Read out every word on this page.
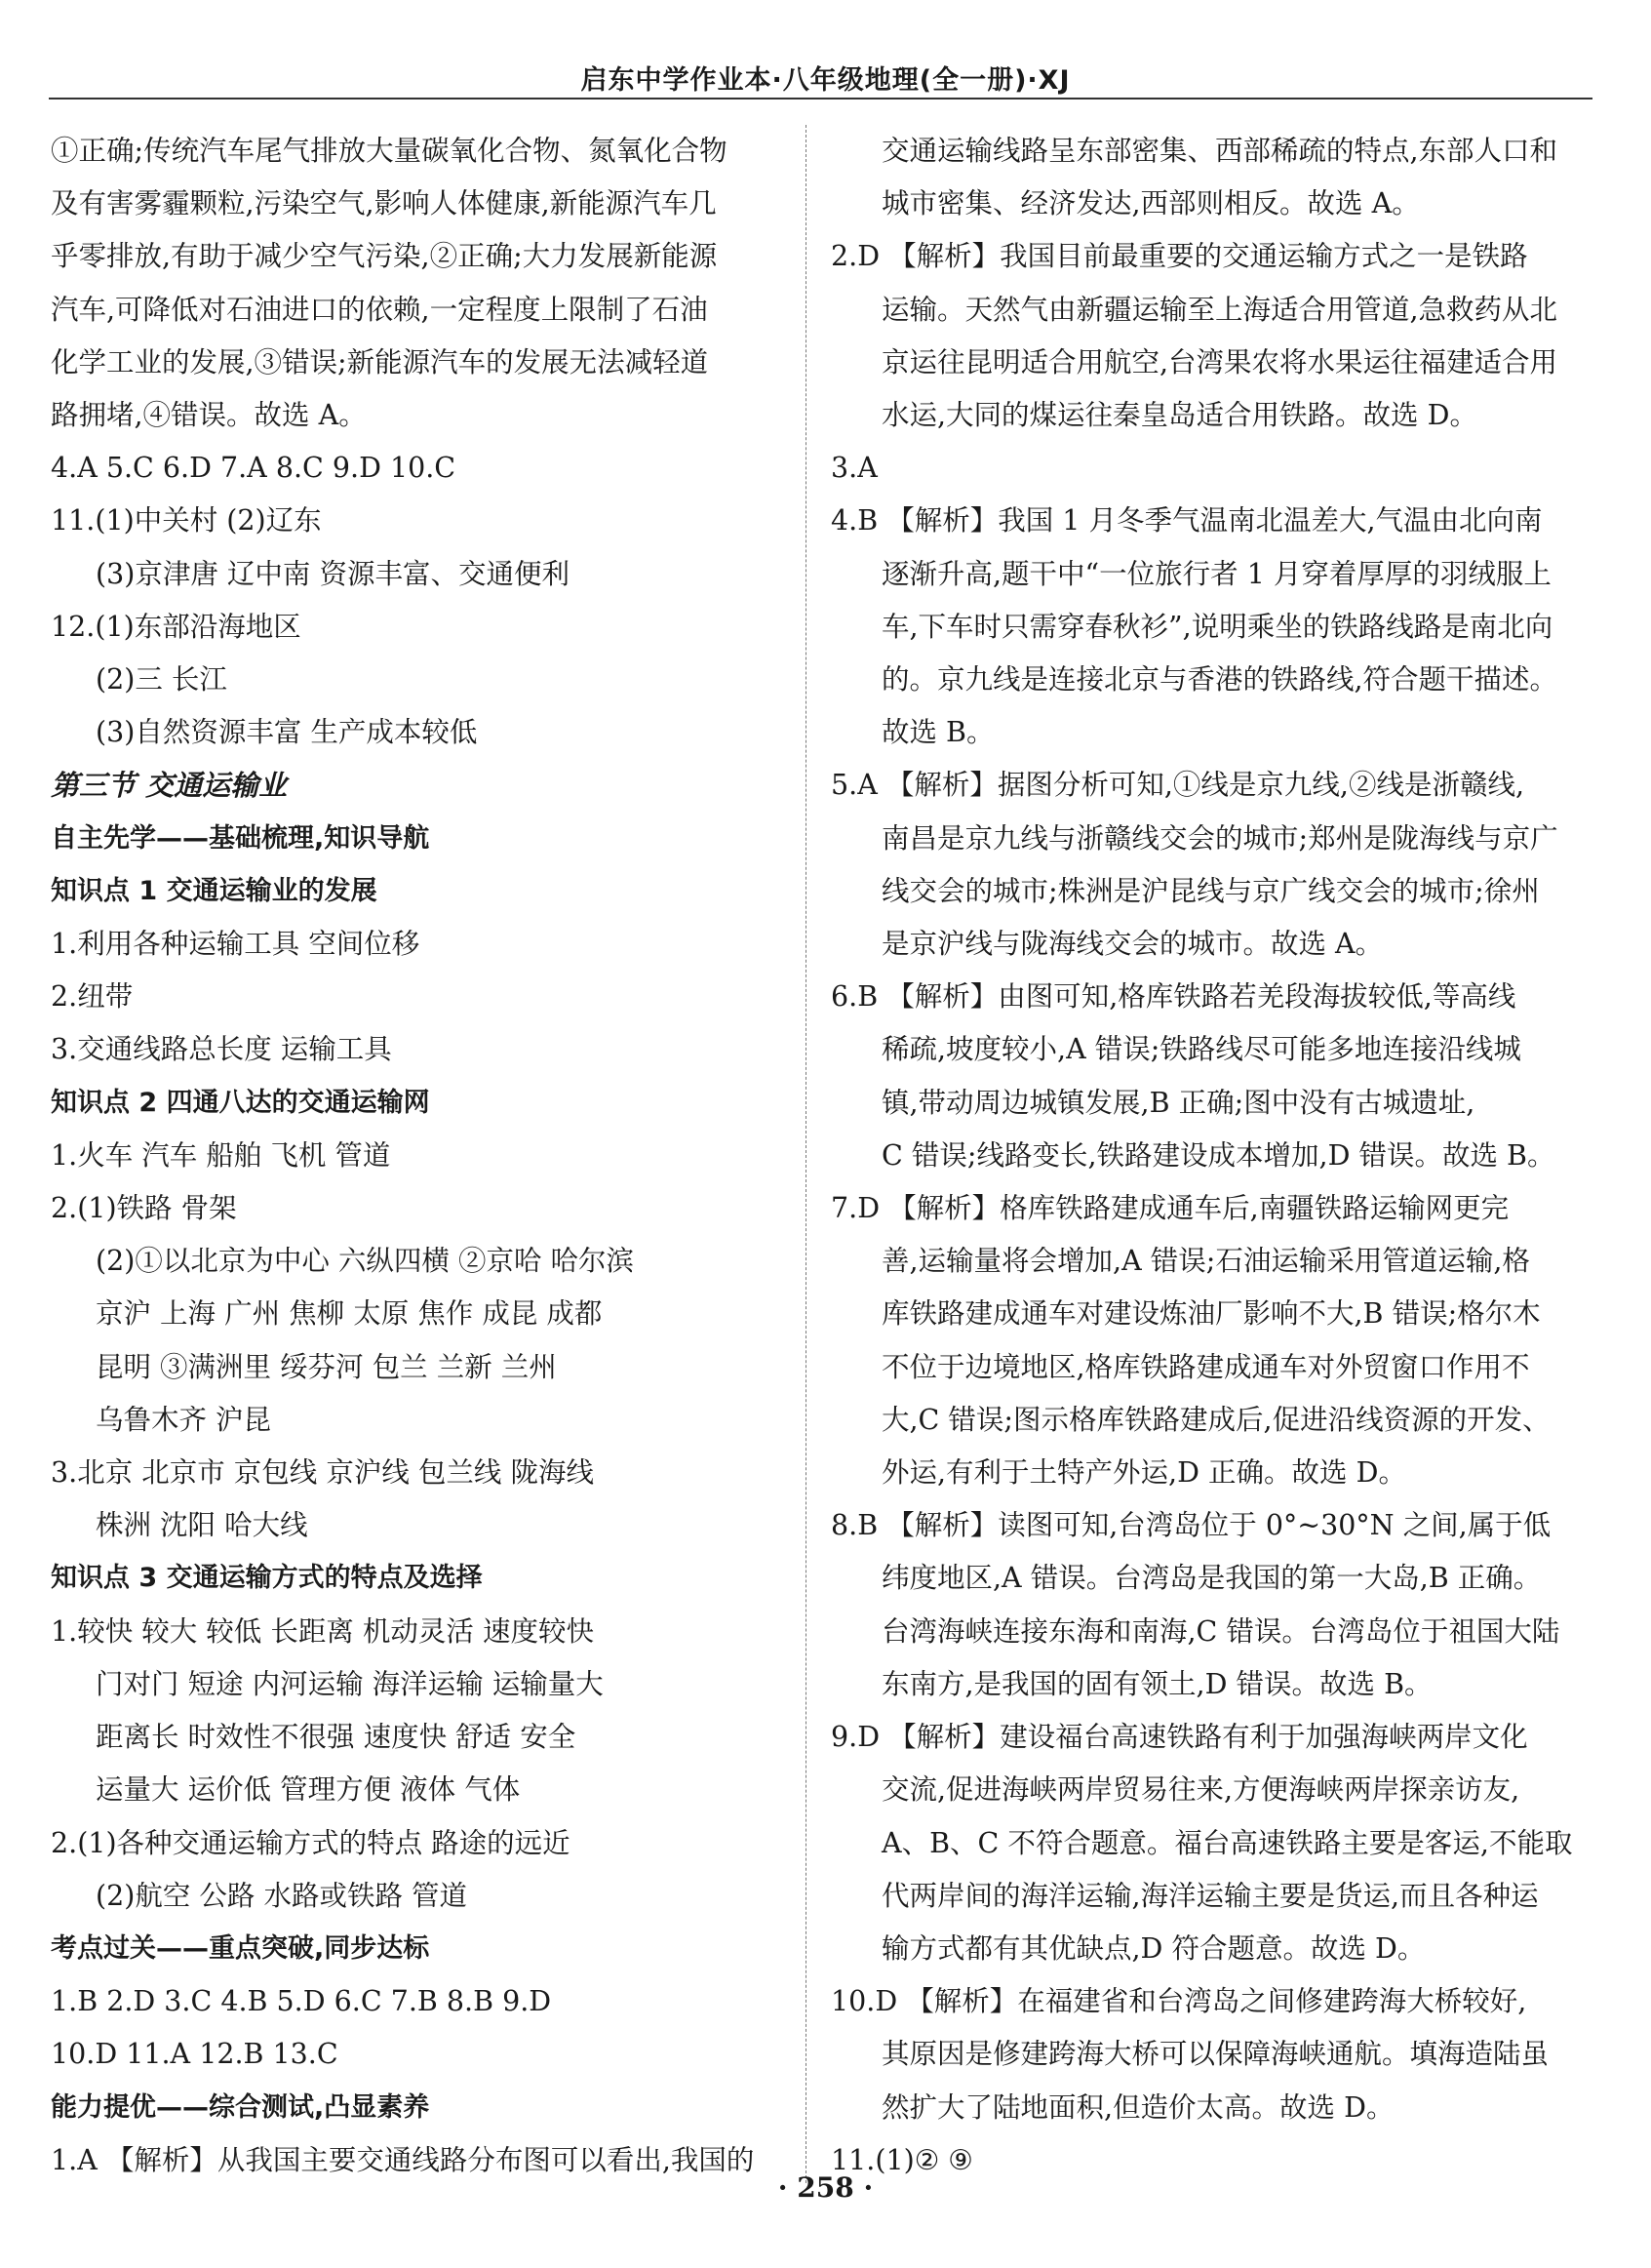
启东中学作业本·八年级地理(全一册)·XJ
①正确;传统汽车尾气排放大量碳氧化合物、氮氧化合物
及有害雾霾颗粒,污染空气,影响人体健康,新能源汽车几
乎零排放,有助于减少空气污染,②正确;大力发展新能源
汽车,可降低对石油进口的依赖,一定程度上限制了石油
化学工业的发展,③错误;新能源汽车的发展无法减轻道
路拥堵,④错误。故选 A。
4.A 5.C 6.D 7.A 8.C 9.D 10.C
11.(1)中关村 (2)辽东
(3)京津唐 辽中南 资源丰富、交通便利
12.(1)东部沿海地区
(2)三 长江
(3)自然资源丰富 生产成本较低
第三节 交通运输业
自主先学——基础梳理,知识导航
知识点 1 交通运输业的发展
1.利用各种运输工具 空间位移
2.纽带
3.交通线路总长度 运输工具
知识点 2 四通八达的交通运输网
1.火车 汽车 船舶 飞机 管道
2.(1)铁路 骨架
(2)①以北京为中心 六纵四横 ②京哈 哈尔滨
京沪 上海 广州 焦柳 太原 焦作 成昆 成都
昆明 ③满洲里 绥芬河 包兰 兰新 兰州
乌鲁木齐 沪昆
3.北京 北京市 京包线 京沪线 包兰线 陇海线
株洲 沈阳 哈大线
知识点 3 交通运输方式的特点及选择
1.较快 较大 较低 长距离 机动灵活 速度较快
门对门 短途 内河运输 海洋运输 运输量大
距离长 时效性不很强 速度快 舒适 安全
运量大 运价低 管理方便 液体 气体
2.(1)各种交通运输方式的特点 路途的远近
(2)航空 公路 水路或铁路 管道
考点过关——重点突破,同步达标
1.B 2.D 3.C 4.B 5.D 6.C 7.B 8.B 9.D
10.D 11.A 12.B 13.C
能力提优——综合测试,凸显素养
1.A 【解析】从我国主要交通线路分布图可以看出,我国的
交通运输线路呈东部密集、西部稀疏的特点,东部人口和
城市密集、经济发达,西部则相反。故选 A。
2.D 【解析】我国目前最重要的交通运输方式之一是铁路
运输。天然气由新疆运输至上海适合用管道,急救药从北
京运往昆明适合用航空,台湾果农将水果运往福建适合用
水运,大同的煤运往秦皇岛适合用铁路。故选 D。
3.A
4.B 【解析】我国 1 月冬季气温南北温差大,气温由北向南
逐渐升高,题干中“一位旅行者 1 月穿着厚厚的羽绒服上
车,下车时只需穿春秋衫”,说明乘坐的铁路线路是南北向
的。京九线是连接北京与香港的铁路线,符合题干描述。
故选 B。
5.A 【解析】据图分析可知,①线是京九线,②线是浙赣线,
南昌是京九线与浙赣线交会的城市;郑州是陇海线与京广
线交会的城市;株洲是沪昆线与京广线交会的城市;徐州
是京沪线与陇海线交会的城市。故选 A。
6.B 【解析】由图可知,格库铁路若羌段海拔较低,等高线
稀疏,坡度较小,A 错误;铁路线尽可能多地连接沿线城
镇,带动周边城镇发展,B 正确;图中没有古城遗址,
C 错误;线路变长,铁路建设成本增加,D 错误。故选 B。
7.D 【解析】格库铁路建成通车后,南疆铁路运输网更完
善,运输量将会增加,A 错误;石油运输采用管道运输,格
库铁路建成通车对建设炼油厂影响不大,B 错误;格尔木
不位于边境地区,格库铁路建成通车对外贸窗口作用不
大,C 错误;图示格库铁路建成后,促进沿线资源的开发、
外运,有利于土特产外运,D 正确。故选 D。
8.B 【解析】读图可知,台湾岛位于 0°~30°N 之间,属于低
纬度地区,A 错误。台湾岛是我国的第一大岛,B 正确。
台湾海峡连接东海和南海,C 错误。台湾岛位于祖国大陆
东南方,是我国的固有领土,D 错误。故选 B。
9.D 【解析】建设福台高速铁路有利于加强海峡两岸文化
交流,促进海峡两岸贸易往来,方便海峡两岸探亲访友,
A、B、C 不符合题意。福台高速铁路主要是客运,不能取
代两岸间的海洋运输,海洋运输主要是货运,而且各种运
输方式都有其优缺点,D 符合题意。故选 D。
10.D 【解析】在福建省和台湾岛之间修建跨海大桥较好,
其原因是修建跨海大桥可以保障海峡通航。填海造陆虽
然扩大了陆地面积,但造价太高。故选 D。
11.(1)② ⑨
· 258 ·
